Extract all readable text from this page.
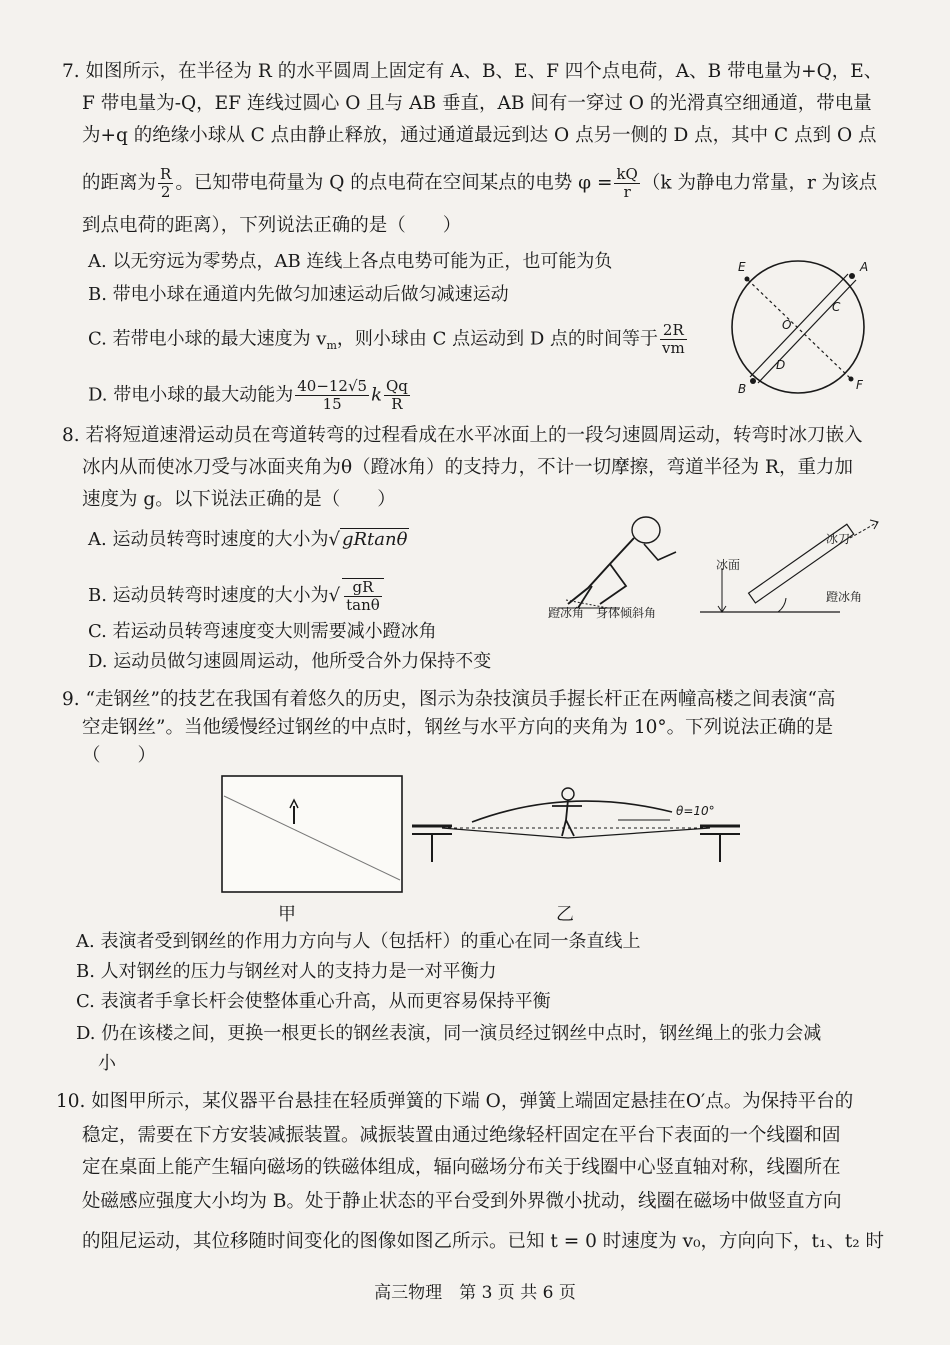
7. 如图所示，在半径为 R 的水平圆周上固定有 A、B、E、F 四个点电荷，A、B 带电量为+Q，E、
F 带电量为-Q，EF 连线过圆心 O 且与 AB 垂直，AB 间有一穿过 O 的光滑真空细通道，带电量
为+q 的绝缘小球从 C 点由静止释放，通过通道最远到达 O 点另一侧的 D 点，其中 C 点到 O 点
的距离为 $\frac{R}{2}$ 。已知带电荷量为 Q 的点电荷在空间某点的电势 $\varphi = \frac{kQ}{r} (k$ 为静电力常量，r 为该点
到点电荷的距离），下列说法正确的是（　　）
A. 以无穷远为零势点，AB 连线上各点电势可能为正，也可能为负
B. 带电小球在通道内先做匀加速运动后做匀减速运动
C. 若带电小球的最大速度为 $v_m$，则小球由 C 点运动到 D 点的时间等于 $\frac{2R}{vm}$
D. 带电小球的最大动能为 $\frac{40-12√5}{15}$ k $\frac{Qq}{R}$
E	A
C
O
D
B	F
8. 若将短道速滑运动员在弯道转弯的过程看成在水平冰面上的一段匀速圆周运动，转弯时冰刀嵌入
冰内从而使冰刀受与冰面夹角为θ（蹬冰角）的支持力，不计一切摩擦，弯道半径为 R，重力加
速度为 g。以下说法正确的是（　　）
A. 运动员转弯时速度的大小为√ gRtanθ
B. 运动员转弯时速度的大小为√ $\frac{gR}{\tan\theta}$
C. 若运动员转弯速度变大则需要减小蹬冰角
D. 运动员做匀速圆周运动，他所受合外力保持不变
蹬冰角 身体倾斜角
冰面
冰刀
蹬冰角
9. “走钢丝”的技艺在我国有着悠久的历史，图示为杂技演员手握长杆正在两幢高楼之间表演“高
空走钢丝”。当他缓慢经过钢丝的中点时，钢丝与水平方向的夹角为 10°。下列说法正确的是
（　　）
甲
θ=10°
乙
A. 表演者受到钢丝的作用力方向与人（包括杆）的重心在同一条直线上
B. 人对钢丝的压力与钢丝对人的支持力是一对平衡力
C. 表演者手拿长杆会使整体重心升高，从而更容易保持平衡
D. 仍在该楼之间，更换一根更长的钢丝表演，同一演员经过钢丝中点时，钢丝绳上的张力会减
小
10. 如图甲所示，某仪器平台悬挂在轻质弹簧的下端 O，弹簧上端固定悬挂在O′点。为保持平台的
稳定，需要在下方安装减振装置。减振装置由通过绝缘轻杆固定在平台下表面的一个线圈和固
定在桌面上能产生辐向磁场的铁磁体组成，辐向磁场分布关于线圈中心竖直轴对称，线圈所在
处磁感应强度大小均为 B。处于静止状态的平台受到外界微小扰动，线圈在磁场中做竖直方向
的阻尼运动，其位移随时间变化的图像如图乙所示。已知 t = 0 时速度为 v₀，方向向下，t₁、t₂ 时
高三物理　第 3 页 共 6 页
